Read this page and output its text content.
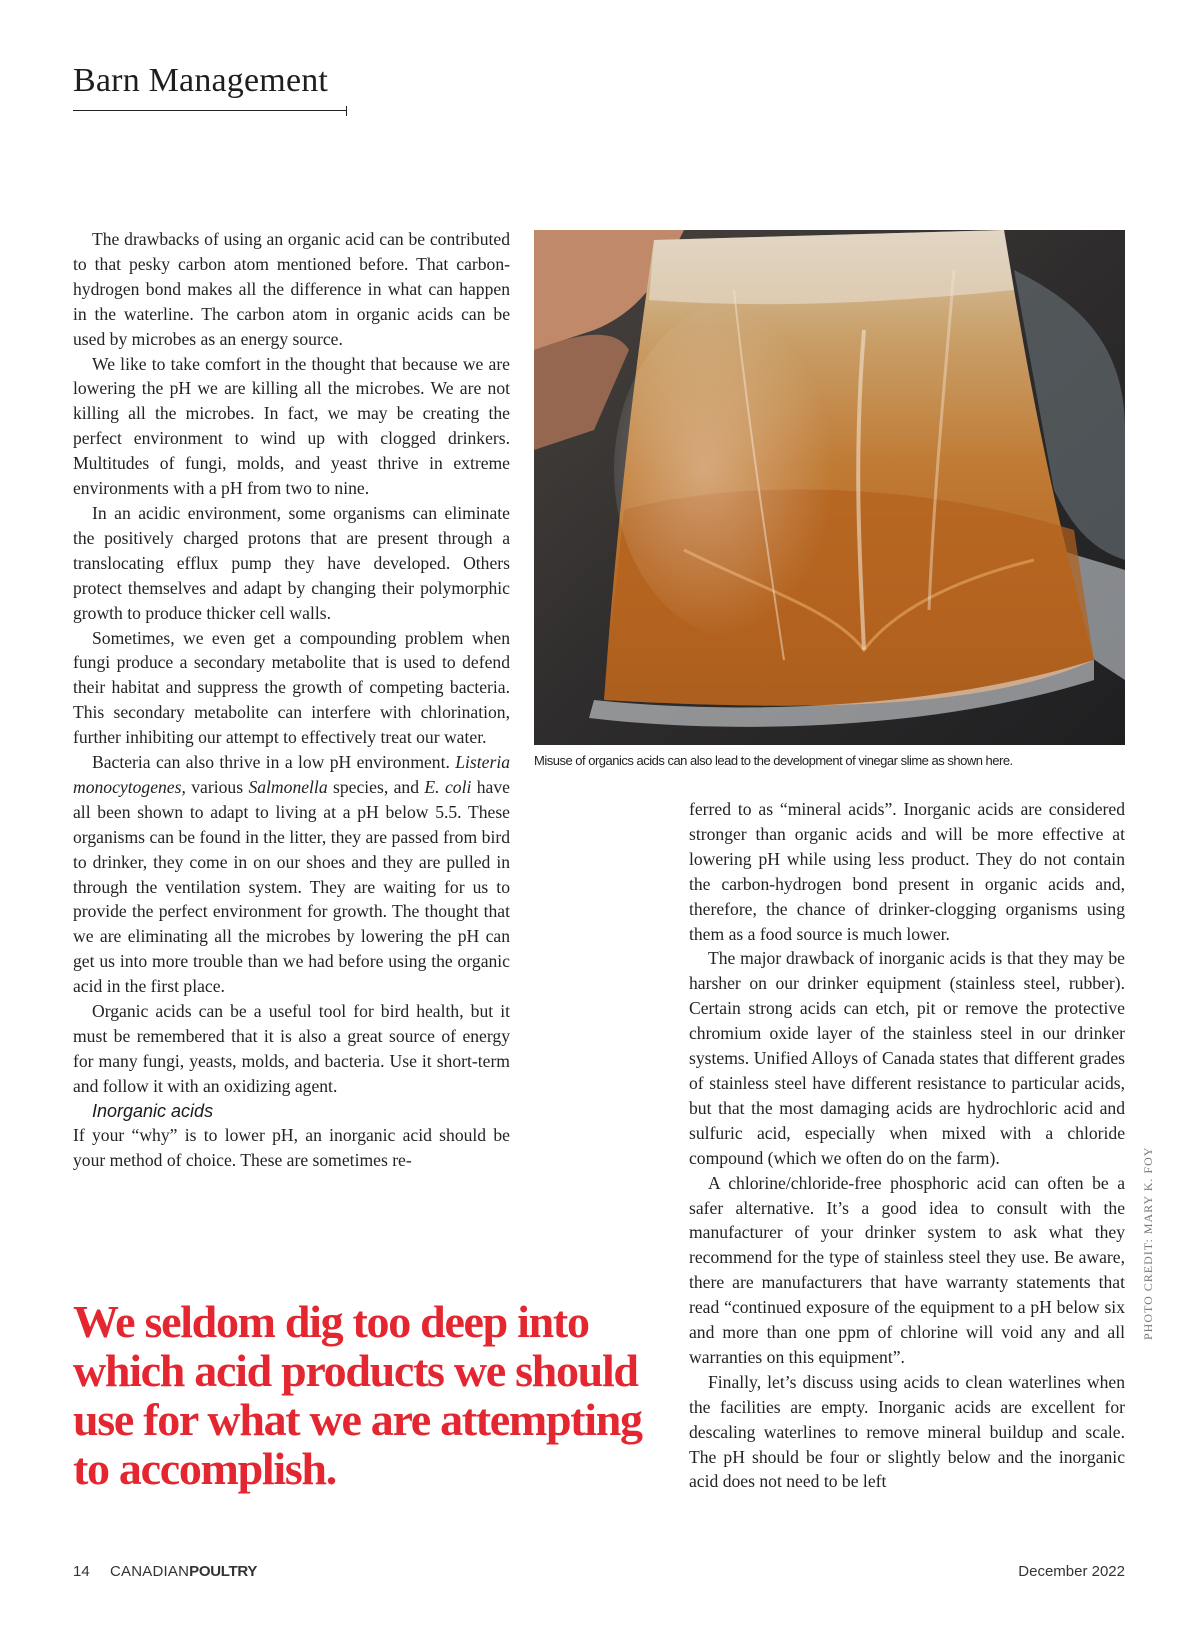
Barn Management

The drawbacks of using an organic acid can be contributed to that pesky carbon atom mentioned before. That carbon-hydrogen bond makes all the difference in what can happen in the waterline. The carbon atom in organic acids can be used by microbes as an energy source.

We like to take comfort in the thought that because we are lowering the pH we are killing all the microbes. We are not killing all the microbes. In fact, we may be creating the perfect environment to wind up with clogged drinkers. Multitudes of fungi, molds, and yeast thrive in extreme environments with a pH from two to nine.

In an acidic environment, some organisms can eliminate the positively charged protons that are present through a translocating efflux pump they have developed. Others protect themselves and adapt by changing their polymorphic growth to produce thicker cell walls.

Sometimes, we even get a compounding problem when fungi produce a secondary metabolite that is used to defend their habitat and suppress the growth of competing bacteria. This secondary metabolite can interfere with chlorination, further inhibiting our attempt to effectively treat our water.

Bacteria can also thrive in a low pH environment. Listeria monocytogenes, various Salmonella species, and E. coli have all been shown to adapt to living at a pH below 5.5. These organisms can be found in the litter, they are passed from bird to drinker, they come in on our shoes and they are pulled in through the ventilation system. They are waiting for us to provide the perfect environment for growth. The thought that we are eliminating all the microbes by lowering the pH can get us into more trouble than we had before using the organic acid in the first place.

Organic acids can be a useful tool for bird health, but it must be remembered that it is also a great source of energy for many fungi, yeasts, molds, and bacteria. Use it short-term and follow it with an oxidizing agent.

Inorganic acids

If your “why” is to lower pH, an inorganic acid should be your method of choice. These are sometimes re-

Misuse of organics acids can also lead to the development of vinegar slime as shown here.

ferred to as “mineral acids”. Inorganic acids are considered stronger than organic acids and will be more effective at lowering pH while using less product. They do not contain the carbon-hydrogen bond present in organic acids and, therefore, the chance of drinker-clogging organisms using them as a food source is much lower.

The major drawback of inorganic acids is that they may be harsher on our drinker equipment (stainless steel, rubber). Certain strong acids can etch, pit or remove the protective chromium oxide layer of the stainless steel in our drinker systems. Unified Alloys of Canada states that different grades of stainless steel have different resistance to particular acids, but that the most damaging acids are hydrochloric acid and sulfuric acid, especially when mixed with a chloride compound (which we often do on the farm).

A chlorine/chloride-free phosphoric acid can often be a safer alternative. It’s a good idea to consult with the manufacturer of your drinker system to ask what they recommend for the type of stainless steel they use. Be aware, there are manufacturers that have warranty statements that read “continued exposure of the equipment to a pH below six and more than one ppm of chlorine will void any and all warranties on this equipment”.

Finally, let’s discuss using acids to clean waterlines when the facilities are empty. Inorganic acids are excellent for descaling waterlines to remove mineral buildup and scale. The pH should be four or slightly below and the inorganic acid does not need to be left

We seldom dig too deep into which acid products we should use for what we are attempting to accomplish.
PHOTO CREDIT: MARY K. FOY
14 CANADIANPOULTRY	December 2022
